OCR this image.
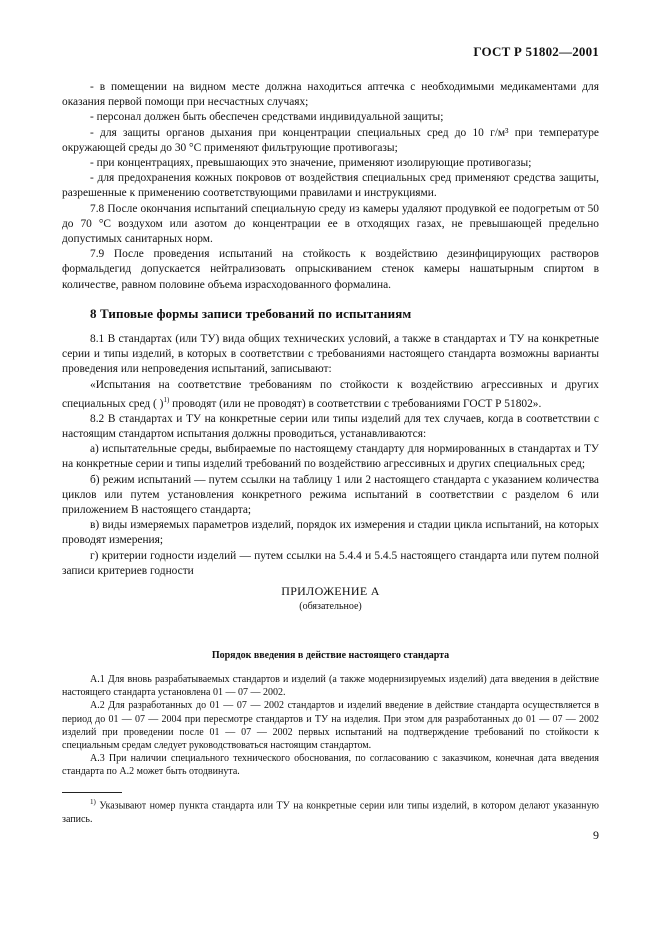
ГОСТ Р 51802—2001

- в помещении на видном месте должна находиться аптечка с необходимыми медикаментами для оказания первой помощи при несчастных случаях;

- персонал должен быть обеспечен средствами индивидуальной защиты;

- для защиты органов дыхания при концентрации специальных сред до 10 г/м³ при температуре окружающей среды до 30 °С применяют фильтрующие противогазы;

- при концентрациях, превышающих это значение, применяют изолирующие противогазы;

- для предохранения кожных покровов от воздействия специальных сред применяют средства защиты, разрешенные к применению соответствующими правилами и инструкциями.

7.8 После окончания испытаний специальную среду из камеры удаляют продувкой ее подогретым от 50 до 70 °С воздухом или азотом до концентрации ее в отходящих газах, не превышающей предельно допустимых санитарных норм.

7.9 После проведения испытаний на стойкость к воздействию дезинфицирующих растворов формальдегид допускается нейтрализовать опрыскиванием стенок камеры нашатырным спиртом в количестве, равном половине объема израсходованного формалина.

8 Типовые формы записи требований по испытаниям

8.1 В стандартах (или ТУ) вида общих технических условий, а также в стандартах и ТУ на конкретные серии и типы изделий, в которых в соответствии с требованиями настоящего стандарта возможны варианты проведения или непроведения испытаний, записывают:

«Испытания на соответствие требованиям по стойкости к воздействию агрессивных и других специальных сред ( )$^{1)}$ проводят (или не проводят) в соответствии с требованиями ГОСТ Р 51802».

8.2 В стандартах и ТУ на конкретные серии или типы изделий для тех случаев, когда в соответствии с настоящим стандартом испытания должны проводиться, устанавливаются:

а) испытательные среды, выбираемые по настоящему стандарту для нормированных в стандартах и ТУ на конкретные серии и типы изделий требований по воздействию агрессивных и других специальных сред;

б) режим испытаний — путем ссылки на таблицу 1 или 2 настоящего стандарта с указанием количества циклов или путем установления конкретного режима испытаний в соответствии с разделом 6 или приложением В настоящего стандарта;

в) виды измеряемых параметров изделий, порядок их измерения и стадии цикла испытаний, на которых проводят измерения;

г) критерии годности изделий — путем ссылки на 5.4.4 и 5.4.5 настоящего стандарта или путем полной записи критериев годности

ПРИЛОЖЕНИЕ А
(обязательное)
Порядок введения в действие настоящего стандарта

А.1 Для вновь разрабатываемых стандартов и изделий (а также модернизируемых изделий) дата введения в действие настоящего стандарта установлена 01 — 07 — 2002.

А.2 Для разработанных до 01 — 07 — 2002 стандартов и изделий введение в действие стандарта осуществляется в период до 01 — 07 — 2004 при пересмотре стандартов и ТУ на изделия. При этом для разработанных до 01 — 07 — 2002 изделий при проведении после 01 — 07 — 2002 первых испытаний на подтверждение требований по стойкости к специальным средам следует руководствоваться настоящим стандартом.

А.3 При наличии специального технического обоснования, по согласованию с заказчиком, конечная дата введения стандарта по А.2 может быть отодвинута.

$^{1)}$ Указывают номер пункта стандарта или ТУ на конкретные серии или типы изделий, в котором делают указанную запись.
9
